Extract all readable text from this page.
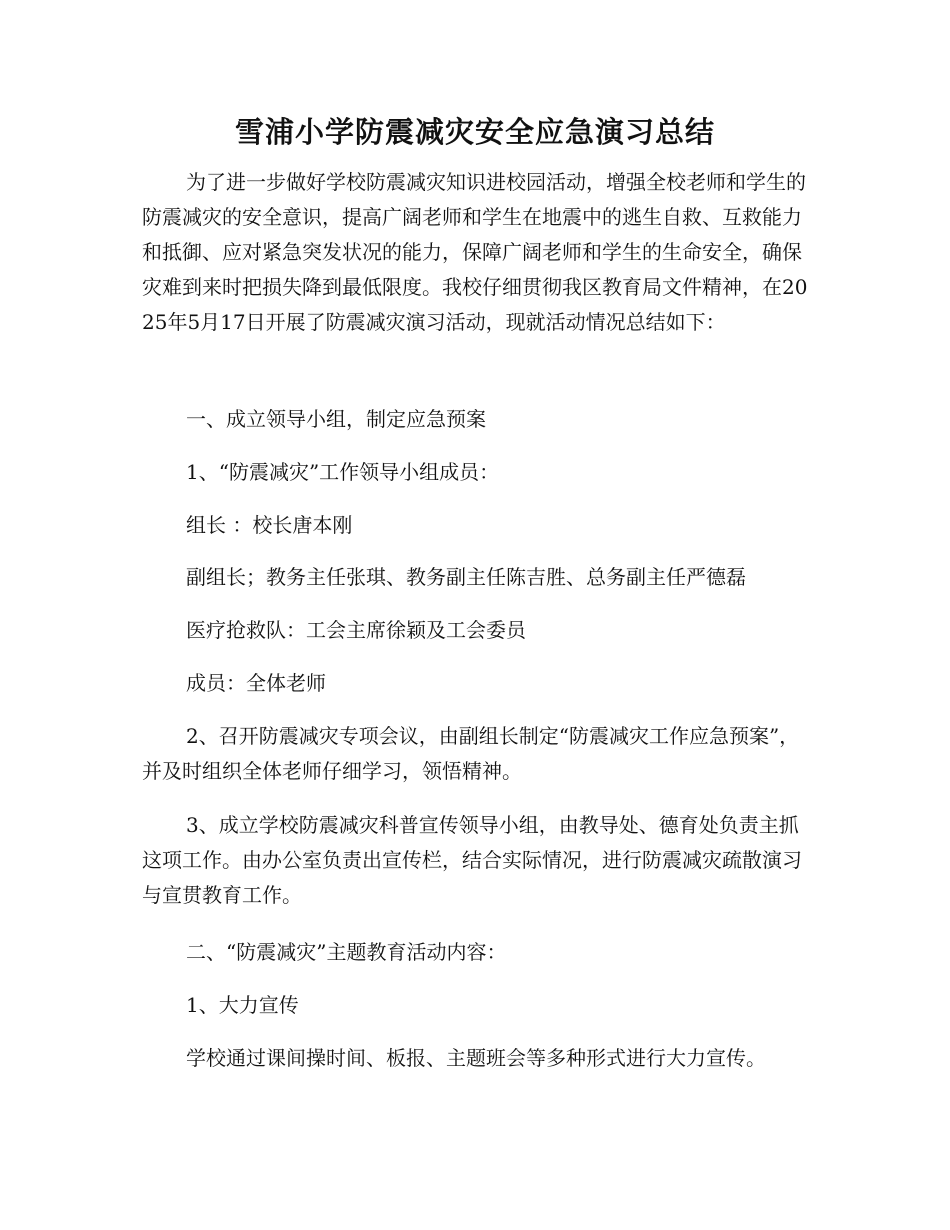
雪浦小学防震减灾安全应急演习总结

为了进一步做好学校防震减灾知识进校园活动，增强全校老师和学生的防震减灾的安全意识，提高广阔老师和学生在地震中的逃生自救、互救能力和抵御、应对紧急突发状况的能力，保障广阔老师和学生的生命安全，确保灾难到来时把损失降到最低限度。我校仔细贯彻我区教育局文件精神，在2025年5月17日开展了防震减灾演习活动，现就活动情况总结如下：

一、成立领导小组，制定应急预案

1、“防震减灾”工作领导小组成员：

组长 ：校长唐本刚

副组长；教务主任张琪、教务副主任陈吉胜、总务副主任严德磊

医疗抢救队：工会主席徐颖及工会委员

成员：全体老师

2、召开防震减灾专项会议，由副组长制定“防震减灾工作应急预案”，并及时组织全体老师仔细学习，领悟精神。

3、成立学校防震减灾科普宣传领导小组，由教导处、德育处负责主抓这项工作。由办公室负责出宣传栏，结合实际情况，进行防震减灾疏散演习与宣贯教育工作。

二、“防震减灾”主题教育活动内容：

1、大力宣传

学校通过课间操时间、板报、主题班会等多种形式进行大力宣传。
